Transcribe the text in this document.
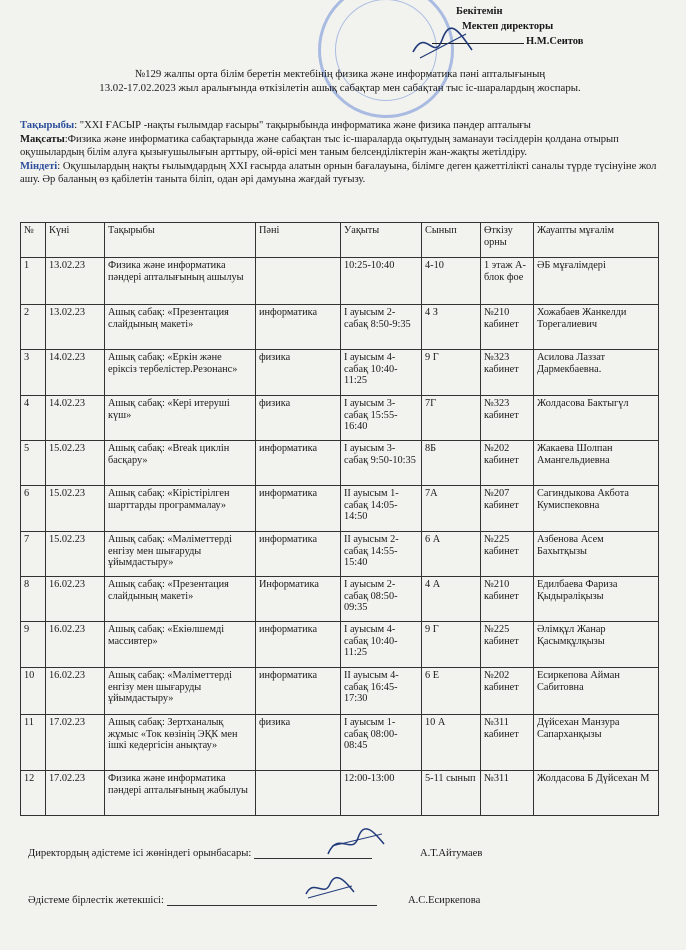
Бекітемін
Мектеп директоры
Н.М.Сеитов
№129 жалпы орта білім беретін мектебінің физика және информатика пәні апталығының
13.02-17.02.2023 жыл аралығында өткізілетін ашық сабақтар мен сабақтан тыс іс-шаралардың жоспары.
Тақырыбы: "XXI ҒАСЫР -нақты ғылымдар ғасыры" тақырыбында информатика және физика пәндер апталығы
Мақсаты:Физика және информатика сабақтарында және сабақтан тыс іс-шараларда оқытудың заманауи тәсілдерін қолдана отырып оқушылардың білім алуға қызығушылығын арттыру, ой-өрісі мен таным белсенділіктерін жан-жақты жетілдіру.
Міндеті: Оқушылардың нақты ғылымдардың XXI ғасырда алатын орнын бағалауына, білімге деген қажеттілікті саналы түрде түсінуіне жол ашу. Әр баланың өз қабілетін танытa білiп, одан әрі дамуына жағдай туғызу.
№	Күні	Тақырыбы	Пәні	Уақыты	Сынып	Өткізу орны	Жауапты мұғалім
1	13.02.23	Физика және информатика пәндері апталығының ашылуы		10:25-10:40	4-10	1 этаж А-блок фое	ӘБ мұғалімдері
2	13.02.23	Ашық сабақ: «Презентация слайдының макеті»	информатика	I ауысым 2-сабақ 8:50-9:35	4 З	№210 кабинет	Хожабаев Жанкелди Торегалиевич
3	14.02.23	Ашық сабақ: «Еркін және еріксіз тербелістер.Резонанс»	физика	I ауысым 4-сабақ 10:40-11:25	9 Г	№323 кабинет	Асилова Лаззат Дармекбаевна.
4	14.02.23	Ашық сабақ: «Кері итеруші күш»	физика	I ауысым 3-сабақ 15:55-16:40	7Г	№323 кабинет	Жолдасова Бактыгүл
5	15.02.23	Ашық сабақ: «Break циклін басқару»	информатика	I ауысым 3-сабақ 9:50-10:35	8Б	№202 кабинет	Жакаева Шолпан Амангельдиевна
6	15.02.23	Ашық сабақ: «Кірістірілген шарттарды программалау»	информатика	II ауысым 1-сабақ 14:05-14:50	7А	№207 кабинет	Сагиндыкова Акбота Кумиспековна
7	15.02.23	Ашық сабақ: «Мәліметтерді енгізу мен шығаруды ұйымдастыру»	информатика	II ауысым 2-сабақ 14:55-15:40	6 А	№225 кабинет	Азбенова Асем Бахытқызы
8	16.02.23	Ашық сабақ: «Презентация слайдының макеті»	Информатика	I ауысым 2-сабақ 08:50-09:35	4 А	№210 кабинет	Едилбаева Фариза Қыдырәліқызы
9	16.02.23	Ашық сабақ: «Екіөлшемді массивтер»	информатика	I ауысым 4-сабақ 10:40-11:25	9 Г	№225 кабинет	Әлімқұл Жанар Қасымқұлқызы
10	16.02.23	Ашық сабақ: «Мәліметтерді енгізу мен шығаруды ұйымдастыру»	информатика	II ауысым 4-сабақ 16:45-17:30	6 Е	№202 кабинет	Есиркепова Айман Сабитовна
11	17.02.23	Ашық сабақ: Зертханалық жұмыс «Ток көзінің ЭҚК мен ішкі кедергісін анықтау»	физика	I ауысым 1-сабақ 08:00-08:45	10 А	№311 кабинет	Дүйсехан Манзура Сапарханқызы
12	17.02.23	Физика және информатика пәндері апталығының жабылуы		12:00-13:00	5-11 сынып	№311	Жолдасова Б Дүйсехан М
Директордың әдістеме ісі жөніндегі орынбасары:	А.Т.Айтумаев
Әдістеме бірлестік жетекшісі:	А.С.Есиркепова
